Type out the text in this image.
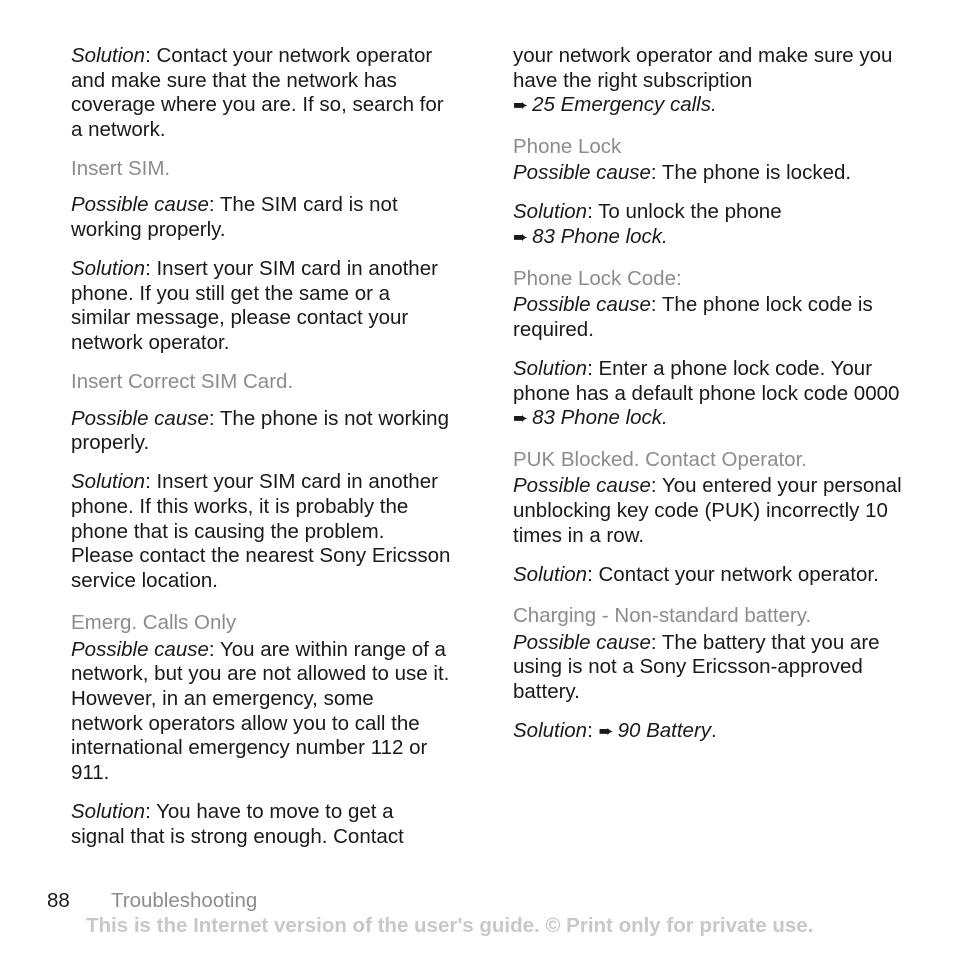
Solution: Contact your network operator and make sure that the network has coverage where you are. If so, search for a network.

Insert SIM.

Possible cause: The SIM card is not working properly.

Solution: Insert your SIM card in another phone. If you still get the same or a similar message, please contact your network operator.

Insert Correct SIM Card.

Possible cause: The phone is not working properly.

Solution: Insert your SIM card in another phone. If this works, it is probably the phone that is causing the problem. Please contact the nearest Sony Ericsson service location.

Emerg. Calls Only

Possible cause: You are within range of a network, but you are not allowed to use it. However, in an emergency, some network operators allow you to call the international emergency number 112 or 911.

Solution: You have to move to get a signal that is strong enough. Contact

your network operator and make sure you have the right subscription
➨ 25 Emergency calls.

Phone Lock

Possible cause: The phone is locked.

Solution: To unlock the phone
➨ 83 Phone lock.

Phone Lock Code:

Possible cause: The phone lock code is required.

Solution: Enter a phone lock code. Your phone has a default phone lock code 0000 ➨ 83 Phone lock.

PUK Blocked. Contact Operator.

Possible cause: You entered your personal unblocking key code (PUK) incorrectly 10 times in a row.

Solution: Contact your network operator.

Charging - Non-standard battery.

Possible cause: The battery that you are using is not a Sony Ericsson-approved battery.

Solution: ➨ 90 Battery.

88 Troubleshooting
This is the Internet version of the user's guide. © Print only for private use.
